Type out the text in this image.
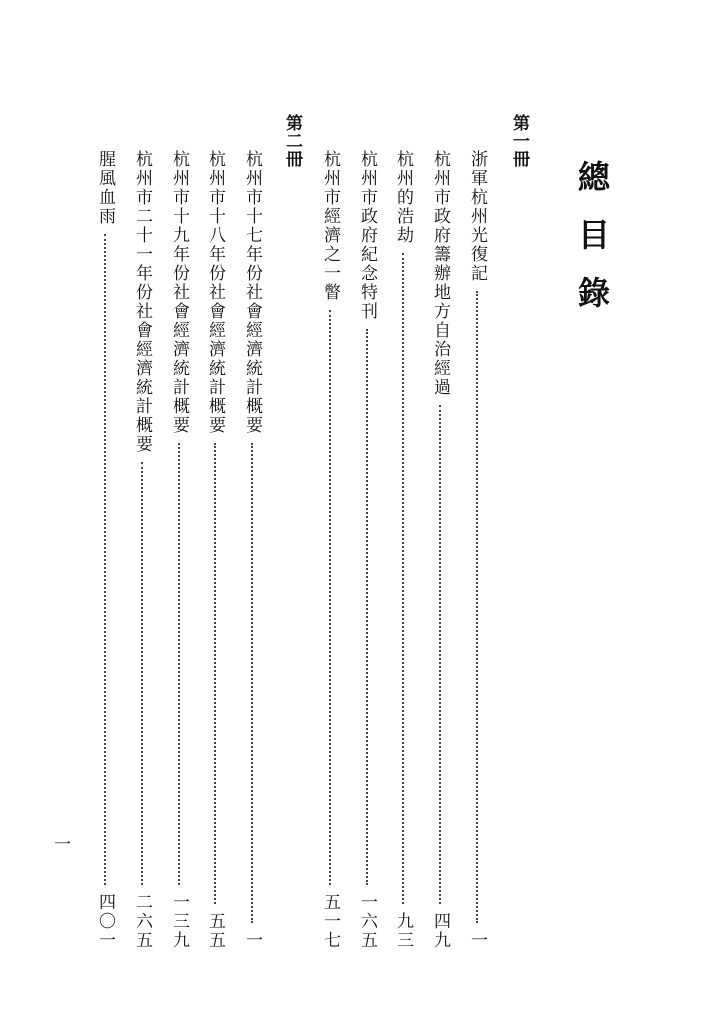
總目錄
第一冊
浙軍杭州光復記
一
杭州市政府籌辦地方自治經過
四九
杭州的浩劫
九三
杭州市政府紀念特刊
一六五
杭州市經濟之一瞥
五一七
第二冊
杭州市十七年份社會經濟統計概要
一
杭州市十八年份社會經濟統計概要
五五
杭州市十九年份社會經濟統計概要
一三九
杭州市二十一年份社會經濟統計概要
二六五
腥風血雨
四〇一
一
